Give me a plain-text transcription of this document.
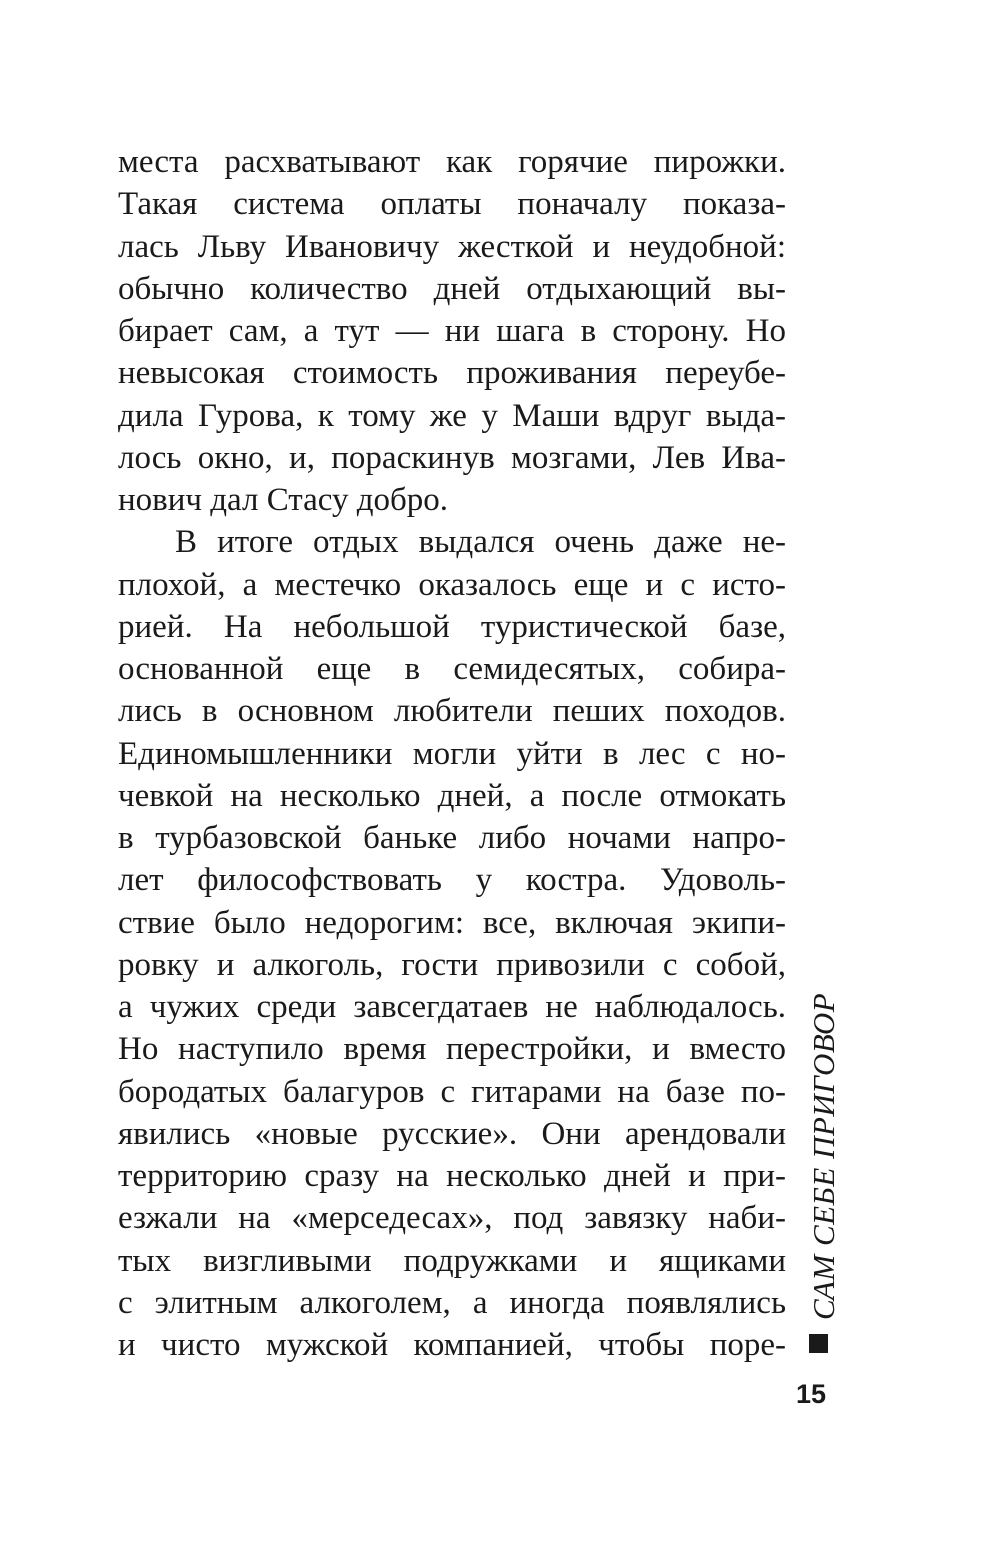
места расхватывают как горячие пирожки.
Такая система оплаты поначалу показа-
лась Льву Ивановичу жесткой и неудобной:
обычно количество дней отдыхающий вы-
бирает сам, а тут — ни шага в сторону. Но
невысокая стоимость проживания переубе-
дила Гурова, к тому же у Маши вдруг выда-
лось окно, и, пораскинув мозгами, Лев Ива-
нович дал Стасу добро.
В итоге отдых выдался очень даже не-
плохой, а местечко оказалось еще и с исто-
рией. На небольшой туристической базе,
основанной еще в семидесятых, собира-
лись в основном любители пеших походов.
Единомышленники могли уйти в лес с но-
чевкой на несколько дней, а после отмокать
в турбазовской баньке либо ночами напро-
лет философствовать у костра. Удоволь-
ствие было недорогим: все, включая экипи-
ровку и алкоголь, гости привозили с собой,
а чужих среди завсегдатаев не наблюдалось.
Но наступило время перестройки, и вместо
бородатых балагуров с гитарами на базе по-
явились «новые русские». Они арендовали
территорию сразу на несколько дней и при-
езжали на «мерседесах», под завязку наби-
тых визгливыми подружками и ящиками
с элитным алкоголем, а иногда появлялись
и чисто мужской компанией, чтобы поре-
САМ СЕБЕ ПРИГОВОР
15
